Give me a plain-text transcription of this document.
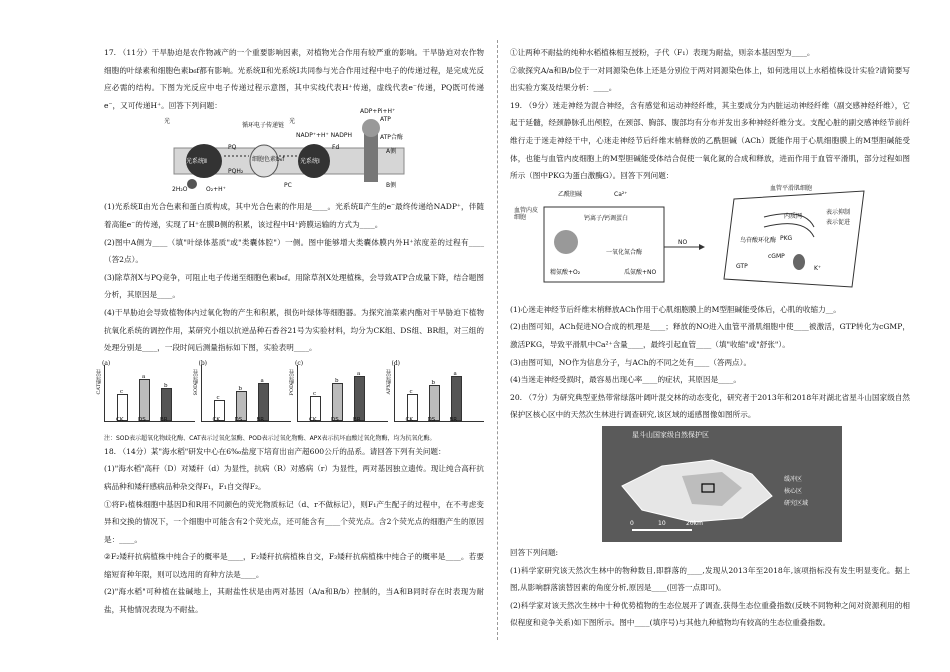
17. （11分）干旱胁迫是农作物减产的一个重要影响因素，对植物光合作用有较严重的影响。干旱胁迫对农作物细胞的叶绿素和细胞色素b₆f都有影响。光系统Ⅱ和光系统Ⅰ共同参与光合作用过程中电子的传递过程，是完成光反应必需的结构。下图为光反应中电子传递过程示意图，其中实线代表H⁺传递，虚线代表e⁻传递，PQ既可传递e⁻，又可传递H⁺。回答下列问题：

光	光
光系统Ⅱ	光系统Ⅰ
细胞色素b₆f
PQ
PQH₂
循环电子传递链
NADP⁺+H⁺ NADPH
ATP
ADP+Pi+H⁺
ATP合酶
A侧
B侧
2H₂O	O₂+H⁺
PC
Fd

(1)光系统Ⅱ由光合色素和蛋白质构成，其中光合色素的作用是____。光系统Ⅱ产生的e⁻最终传递给NADP⁺，伴随着高能e⁻的传递，实现了H⁺在膜B侧的积累，该过程中H⁺跨膜运输的方式为____。

(2)图中A侧为____（填"叶绿体基质"或"类囊体腔"）一侧。图中能够增大类囊体膜内外H⁺浓度差的过程有____（答2点）。

(3)除草剂X与PQ竞争，可阻止电子传递至细胞色素b₆f。用除草剂X处理植株，会导致ATP合成量下降，结合题图分析，其原因是____。

(4)干旱胁迫会导致植物体内过氧化物的产生和积累，损伤叶绿体等细胞器。为探究油菜素内酯对干旱胁迫下植物抗氧化系统的调控作用，某研究小组以抗逆品种石香谷21号为实验材料，均分为CK组、DS组、BR组，对三组的处理分别是____，一段时间后测量指标如下图，实验表明____。

(a)
CAT酶活性	c
CK
a
DS
b
BR
(b)
SOD酶活性
c
CK
b
DS
a
BR
(c)
POD酶活性	c
CK
b
DS
a
BR
(d)
APX酶活性	c
CK
b
DS
a
BR
注：SOD表示超氧化物歧化酶、CAT表示过氧化氢酶、POD表示过氧化物酶、APX表示抗坏血酸过氧化物酶，均为抗氧化酶。

18. （14分）某"海水稻"研发中心在6‰盐度下培育出亩产超600公斤的品系。请回答下列有关问题：

(1)"海水稻"高秆（D）对矮秆（d）为显性，抗病（R）对感病（r）为显性，两对基因独立遗传。现让纯合高秆抗病品种和矮秆感病品种杂交得F₁，F₁自交得F₂。

①将F₁植株细胞中基因D和R用不同颜色的荧光物质标记（d、r不做标记），则F₁产生配子的过程中，在不考虑变异和交换的情况下，一个细胞中可能含有2个荧光点，还可能含有____个荧光点。含2个荧光点的细胞产生的原因是：____。

②F₂矮秆抗病植株中纯合子的概率是____，F₂矮秆抗病植株自交，F₃矮秆抗病植株中纯合子的概率是____。若要缩短育种年限，则可以选用的育种方法是____。

(2)"海水稻"可种植在盐碱地上，其耐盐性状是由两对基因（A/a和B/b）控制的，当A和B同时存在时表现为耐盐，其他情况表现为不耐盐。

①让两种不耐盐的纯种水稻植株相互授粉，子代（F₁）表现为耐盐，则亲本基因型为____。

②欲探究A/a和B/b位于一对同源染色体上还是分别位于两对同源染色体上，如何选用以上水稻植株设计实验?请简要写出实验方案及结果分析：____。

19. （9分）迷走神经为混合神经，含有感觉和运动神经纤维，其主要成分为内脏运动神经纤维（副交感神经纤维），它起于延髓，经颈静脉孔出颅腔，在颈部、胸部、腹部均有分布并发出多种神经纤维分支。支配心脏的副交感神经节前纤维行走于迷走神经干中，心迷走神经节后纤维末梢释放的乙酰胆碱（ACh）既能作用于心肌细胞膜上的M型胆碱能受体，也能与血管内皮细胞上的M型胆碱能受体结合促使一氧化氮的合成和释放，进而作用于血管平滑肌，部分过程如图所示（图中PKG为蛋白激酶G）。回答下列问题：

血管内皮细胞
乙酰胆碱	Ca²⁺
钙离子/钙调蛋白
一氧化氮合酶
精氨酸+O₂	瓜氨酸+NO
NO
血管平滑肌细胞
内质网
鸟苷酸环化酶
GTP
cGMP
PKG
K⁺
表示抑制
表示促进

(1)心迷走神经节后纤维末梢释放ACh作用于心肌细胞膜上的M型胆碱能受体后，心肌的收缩力__。

(2)由图可知，ACh促进NO合成的机理是____；释放的NO进入血管平滑肌细胞中使____被激活，GTP转化为cGMP，激活PKG，导致平滑肌中Ca²⁺含量____，最终引起血管____（填"收缩"或"舒张"）。

(3)由图可知，NO作为信息分子，与ACh的不同之处有____（答两点）。

(4)当迷走神经受损时，最容易出现心率____的症状，其原因是____。

20. （7分）为研究典型亚热带常绿落叶阔叶混交林的动态变化，研究者于2013年和2018年对湖北省星斗山国家级自然保护区核心区中的天然次生林进行调查研究,该区域的遥感图像如图所示。

星斗山国家级自然保护区
缓冲区
核心区
研究区域
0	10	20km

回答下列问题:

(1)科学家研究该天然次生林中的物种数目,即群落的____,发现从2013年至2018年,该项指标没有发生明显变化。据上图,从影响群落演替因素的角度分析,原因是____(回答一点即可)。

(2)科学家对该天然次生林中十种优势植物的生态位展开了调查,获得生态位重叠指数(反映不同物种之间对资源利用的相似程度和竞争关系)如下图所示。图中____(填序号)与其他九种植物均有较高的生态位重叠指数。
